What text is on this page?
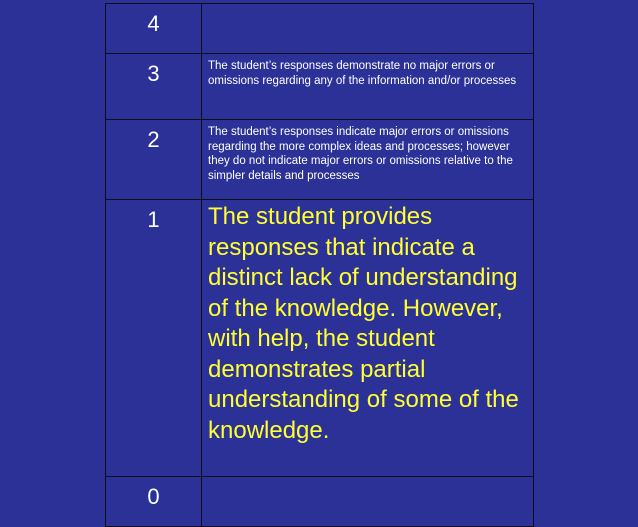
4	
3	The student’s responses demonstrate no major errors or omissions regarding any of the information and/or processes
2	The student’s responses indicate major errors or omissions regarding the more complex ideas and processes; however they do not indicate major errors or omissions relative to the simpler details and processes
1	The student provides responses that indicate a distinct lack of understanding of the knowledge. However, with help, the student demonstrates partial understanding of some of the knowledge.
0	
